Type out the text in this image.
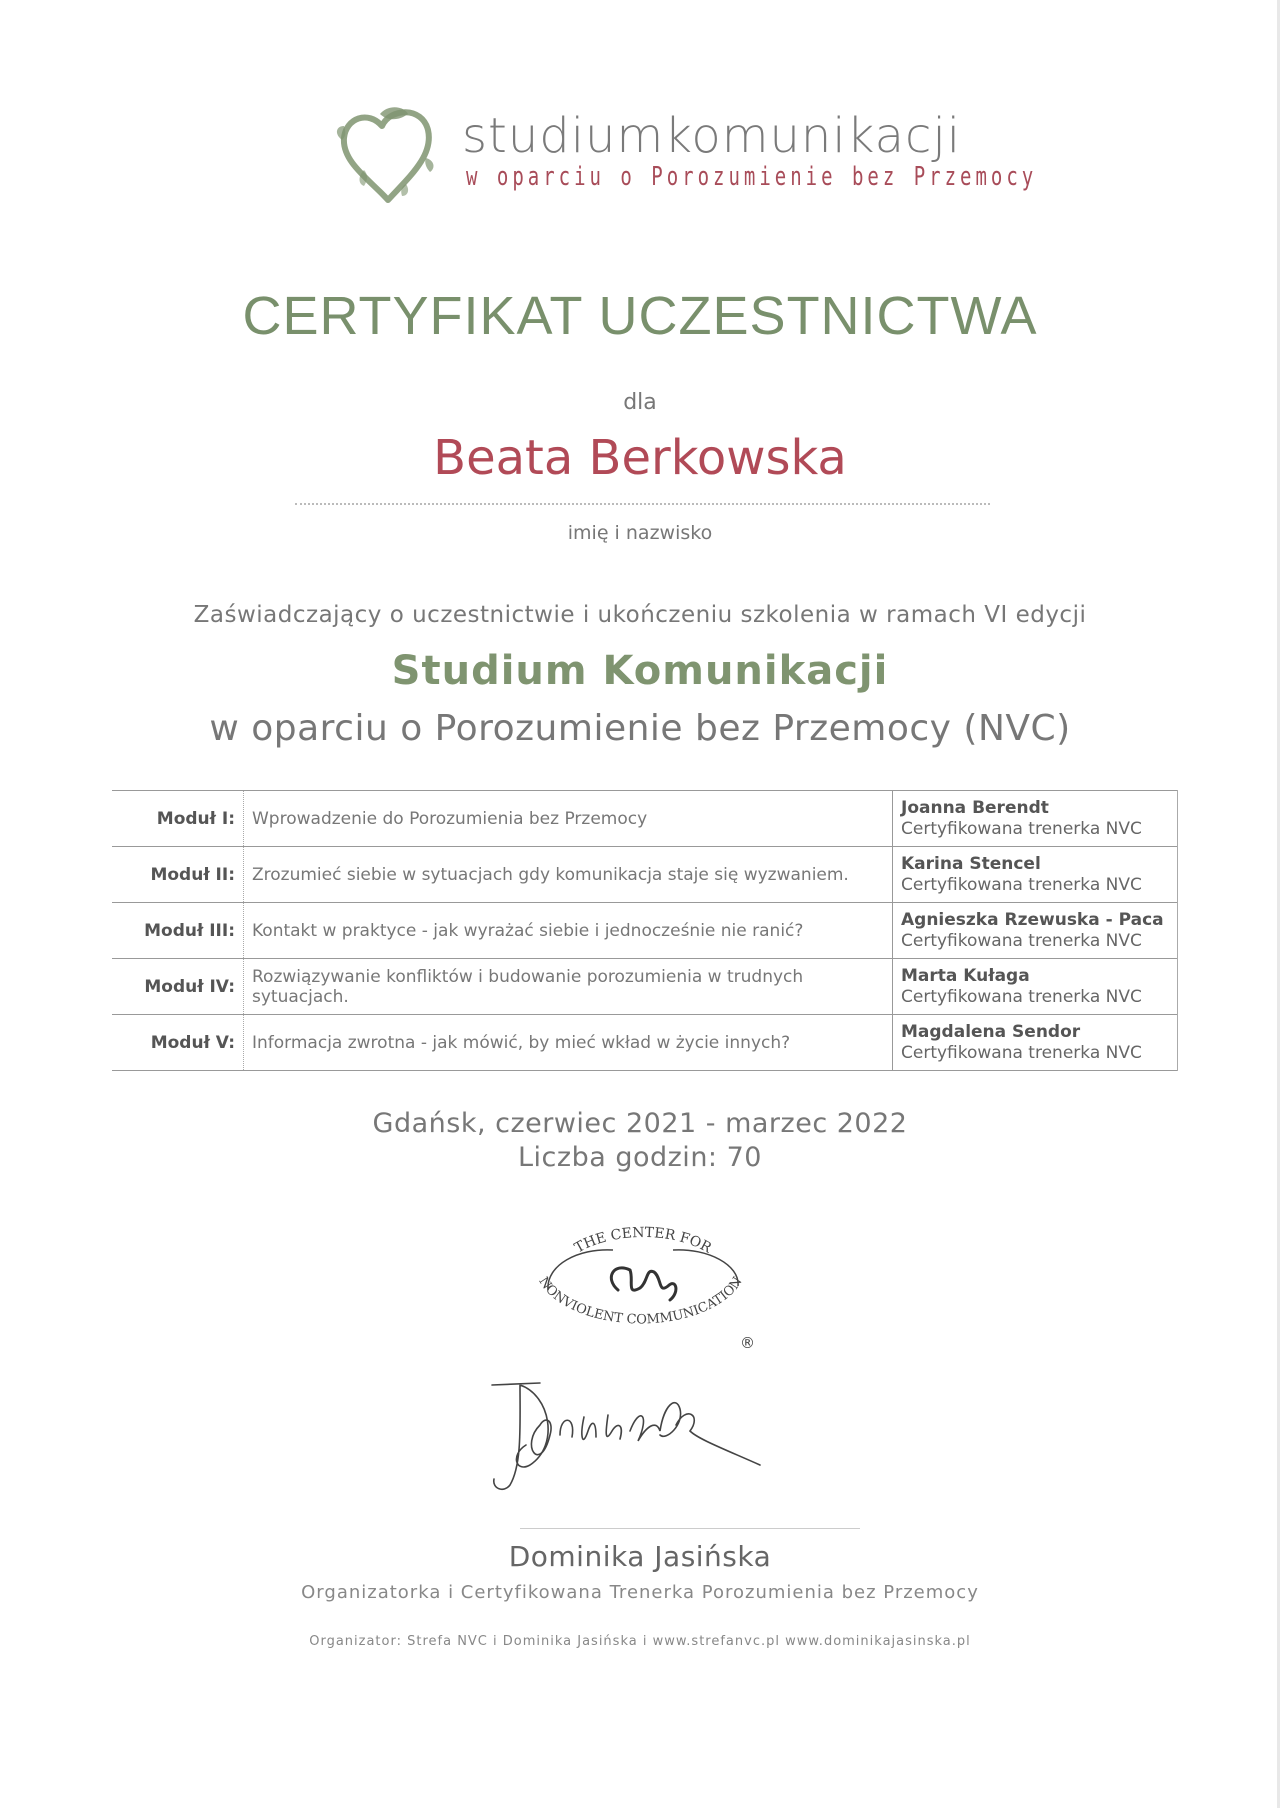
studiumkomunikacji
w oparciu o Porozumienie bez Przemocy
CERTYFIKAT UCZESTNICTWA
dla
Beata Berkowska
imię i nazwisko
Zaświadczający o uczestnictwie i ukończeniu szkolenia w ramach VI edycji
Studium Komunikacji
w oparciu o Porozumienie bez Przemocy (NVC)
Moduł I:	Wprowadzenie do Porozumienia bez Przemocy	Joanna Berendt
Certyfikowana trenerka NVC

Moduł II:	Zrozumieć siebie w sytuacjach gdy komunikacja staje się wyzwaniem.	Karina Stencel
Certyfikowana trenerka NVC

Moduł III:	Kontakt w praktyce - jak wyrażać siebie i jednocześnie nie ranić?	Agnieszka Rzewuska - Paca
Certyfikowana trenerka NVC

Moduł IV:	Rozwiązywanie konfliktów i budowanie porozumienia w trudnych sytuacjach.	Marta Kułaga
Certyfikowana trenerka NVC

Moduł V:	Informacja zwrotna - jak mówić, by mieć wkład w życie innych?	Magdalena Sendor
Certyfikowana trenerka NVC
Gdańsk, czerwiec 2021 - marzec 2022
Liczba godzin: 70
THE CENTER FOR
NONVIOLENT COMMUNICATION
®
Dominika Jasińska
Organizatorka i Certyfikowana Trenerka Porozumienia bez Przemocy
Organizator: Strefa NVC i Dominika Jasińska i www.strefanvc.pl www.dominikajasinska.pl
